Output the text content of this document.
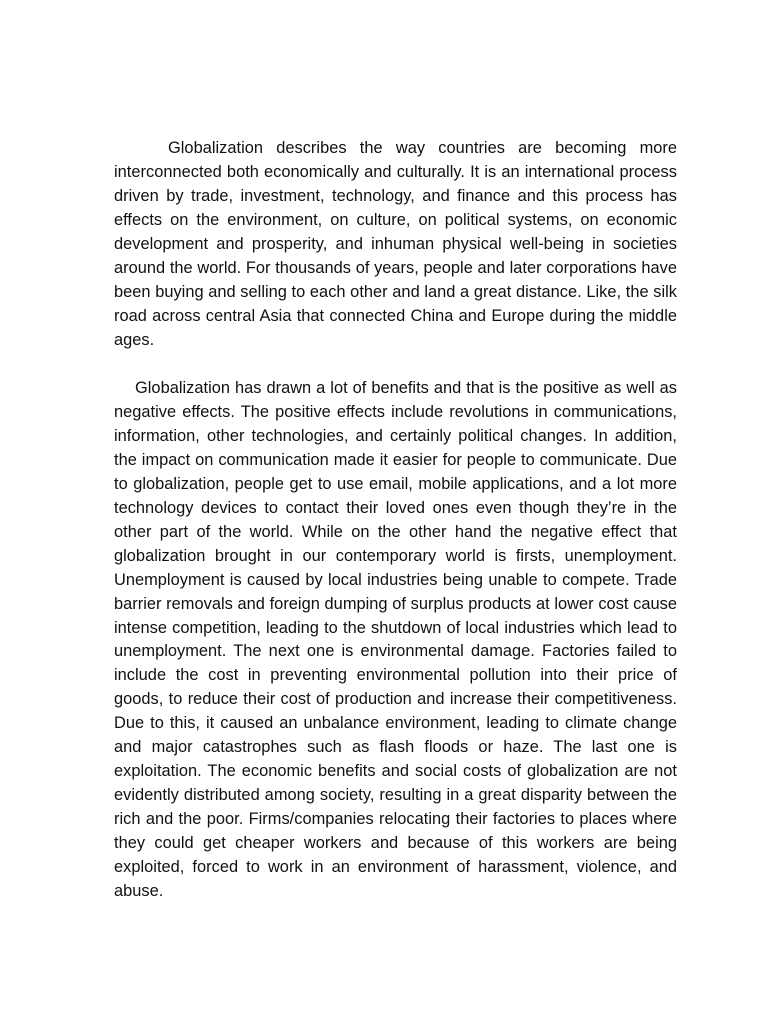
Globalization describes the way countries are becoming more interconnected both economically and culturally. It is an international process driven by trade, investment, technology, and finance and this process has effects on the environment, on culture, on political systems, on economic development and prosperity, and inhuman physical well-being in societies around the world. For thousands of years, people and later corporations have been buying and selling to each other and land a great distance. Like, the silk road across central Asia that connected China and Europe during the middle ages.

Globalization has drawn a lot of benefits and that is the positive as well as negative effects. The positive effects include revolutions in communications, information, other technologies, and certainly political changes. In addition, the impact on communication made it easier for people to communicate. Due to globalization, people get to use email, mobile applications, and a lot more technology devices to contact their loved ones even though they’re in the other part of the world. While on the other hand the negative effect that globalization brought in our contemporary world is firsts, unemployment. Unemployment is caused by local industries being unable to compete. Trade barrier removals and foreign dumping of surplus products at lower cost cause intense competition, leading to the shutdown of local industries which lead to unemployment. The next one is environmental damage. Factories failed to include the cost in preventing environmental pollution into their price of goods, to reduce their cost of production and increase their competitiveness. Due to this, it caused an unbalance environment, leading to climate change and major catastrophes such as flash floods or haze. The last one is exploitation. The economic benefits and social costs of globalization are not evidently distributed among society, resulting in a great disparity between the rich and the poor. Firms/companies relocating their factories to places where they could get cheaper workers and because of this workers are being exploited, forced to work in an environment of harassment, violence, and abuse.
